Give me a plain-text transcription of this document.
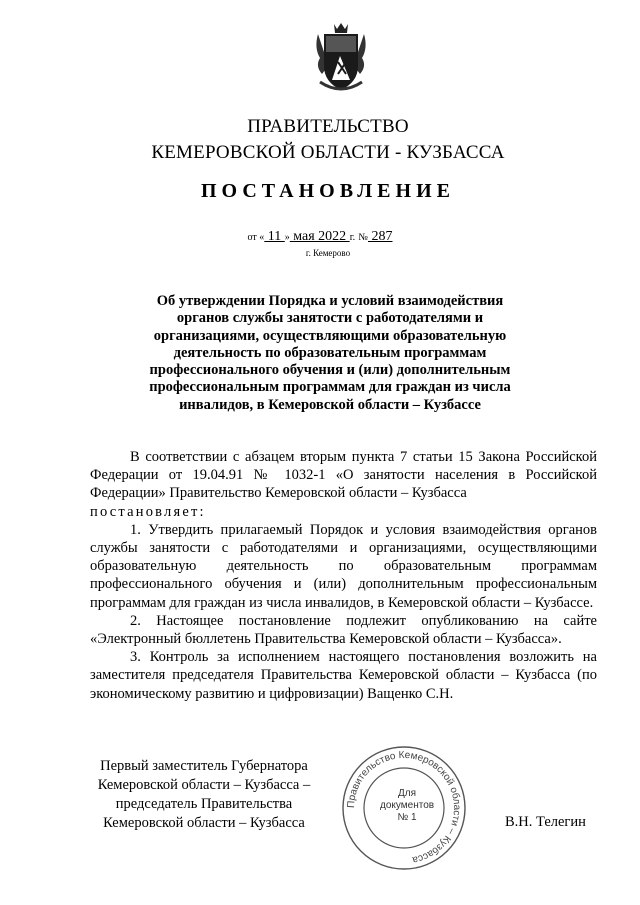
ПРАВИТЕЛЬСТВО
КЕМЕРОВСКОЙ ОБЛАСТИ - КУЗБАССА
ПОСТАНОВЛЕНИЕ
от « 11 » мая 2022 г. № 287
г. Кемерово
Об утверждении Порядка и условий взаимодействия органов службы занятости с работодателями и организациями, осуществляющими образовательную деятельность по образовательным программам профессионального обучения и (или) дополнительным профессиональным программам для граждан из числа инвалидов, в Кемеровской области – Кузбассе

В соответствии с абзацем вторым пункта 7 статьи 15 Закона Российской Федерации от 19.04.91 № 1032-1 «О занятости населения в Российской Федерации» Правительство Кемеровской области – Кузбасса

постановляет:

1. Утвердить прилагаемый Порядок и условия взаимодействия органов службы занятости с работодателями и организациями, осуществляющими образовательную деятельность по образовательным программам профессионального обучения и (или) дополнительным профессиональным программам для граждан из числа инвалидов, в Кемеровской области – Кузбассе.

2. Настоящее постановление подлежит опубликованию на сайте «Электронный бюллетень Правительства Кемеровской области – Кузбасса».

3. Контроль за исполнением настоящего постановления возложить на заместителя председателя Правительства Кемеровской области – Кузбасса (по экономическому развитию и цифровизации) Ващенко С.Н.

Первый заместитель Губернатора
Кемеровской области – Кузбасса –
председатель Правительства
Кемеровской области – Кузбасса
Правительство Кемеровской области – Кузбасса
Для
документов
№ 1	В.Н. Телегин
